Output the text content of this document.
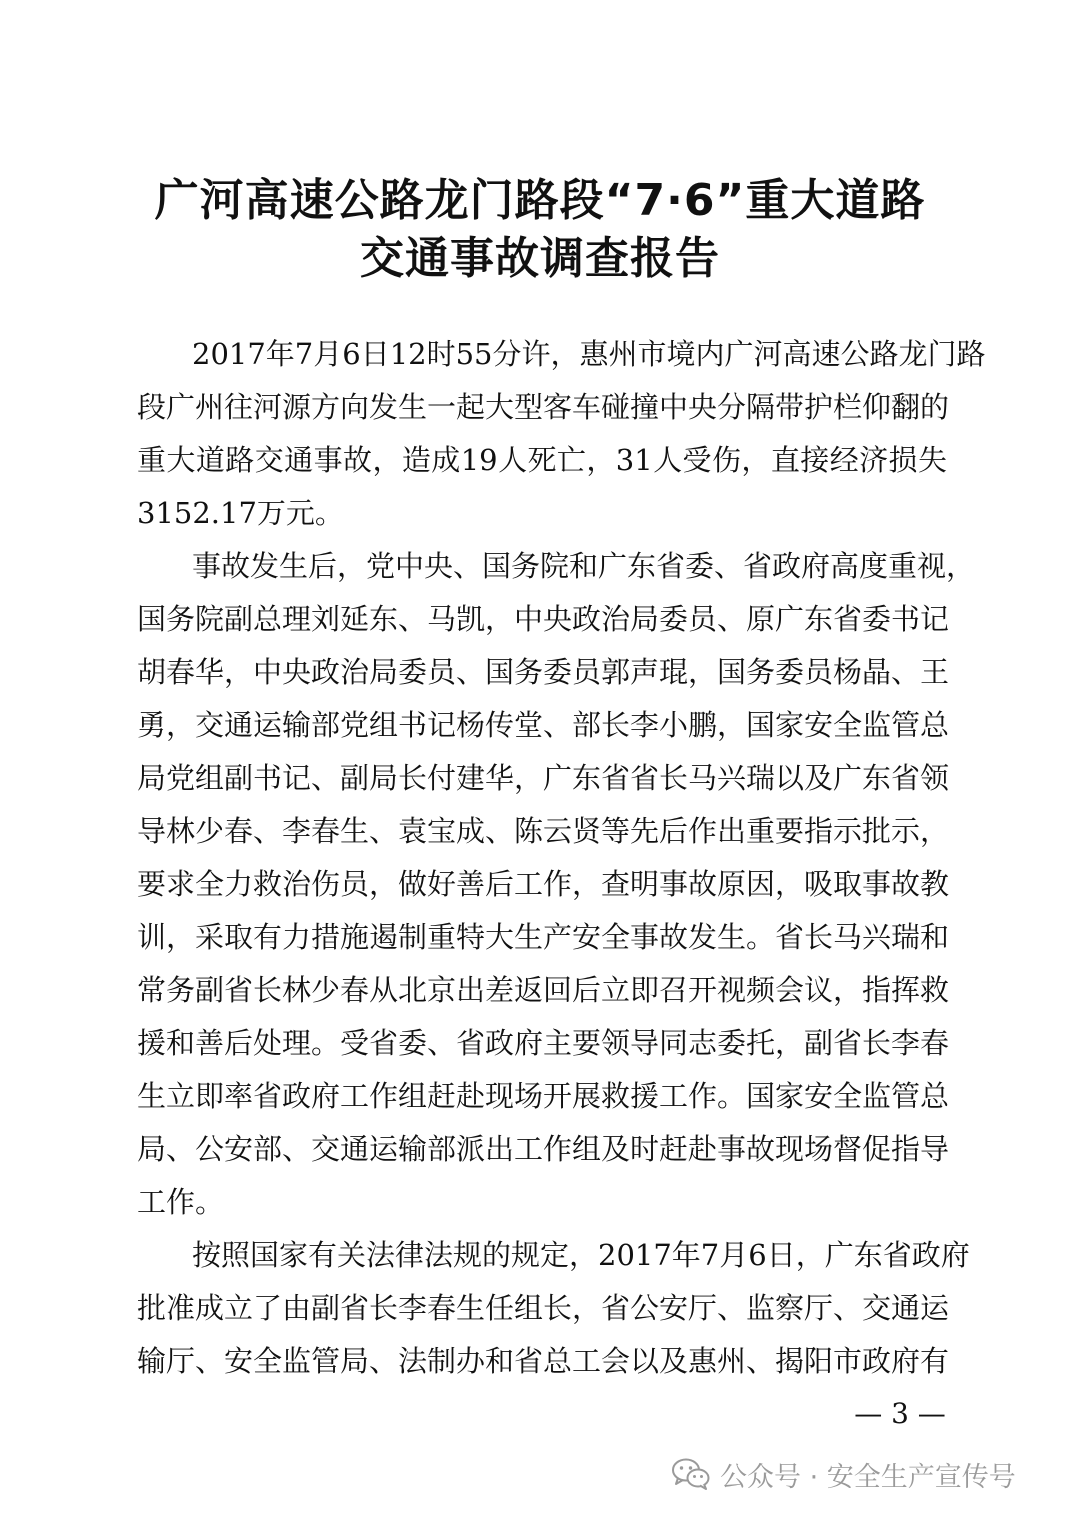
广河高速公路龙门路段“7·6”重大道路
交通事故调查报告
2017年7月6日12时55分许，惠州市境内广河高速公路龙门路
段广州往河源方向发生一起大型客车碰撞中央分隔带护栏仰翻的
重大道路交通事故，造成19人死亡，31人受伤，直接经济损失
3152.17万元。
事故发生后，党中央、国务院和广东省委、省政府高度重视，
国务院副总理刘延东、马凯，中央政治局委员、原广东省委书记
胡春华，中央政治局委员、国务委员郭声琨，国务委员杨晶、王
勇，交通运输部党组书记杨传堂、部长李小鹏，国家安全监管总
局党组副书记、副局长付建华，广东省省长马兴瑞以及广东省领
导林少春、李春生、袁宝成、陈云贤等先后作出重要指示批示，
要求全力救治伤员，做好善后工作，查明事故原因，吸取事故教
训，采取有力措施遏制重特大生产安全事故发生。省长马兴瑞和
常务副省长林少春从北京出差返回后立即召开视频会议，指挥救
援和善后处理。受省委、省政府主要领导同志委托，副省长李春
生立即率省政府工作组赶赴现场开展救援工作。国家安全监管总
局、公安部、交通运输部派出工作组及时赶赴事故现场督促指导
工作。
按照国家有关法律法规的规定，2017年7月6日，广东省政府
批准成立了由副省长李春生任组长，省公安厅、监察厅、交通运
输厅、安全监管局、法制办和省总工会以及惠州、揭阳市政府有
— 3 —
公众号 · 安全生产宣传号
